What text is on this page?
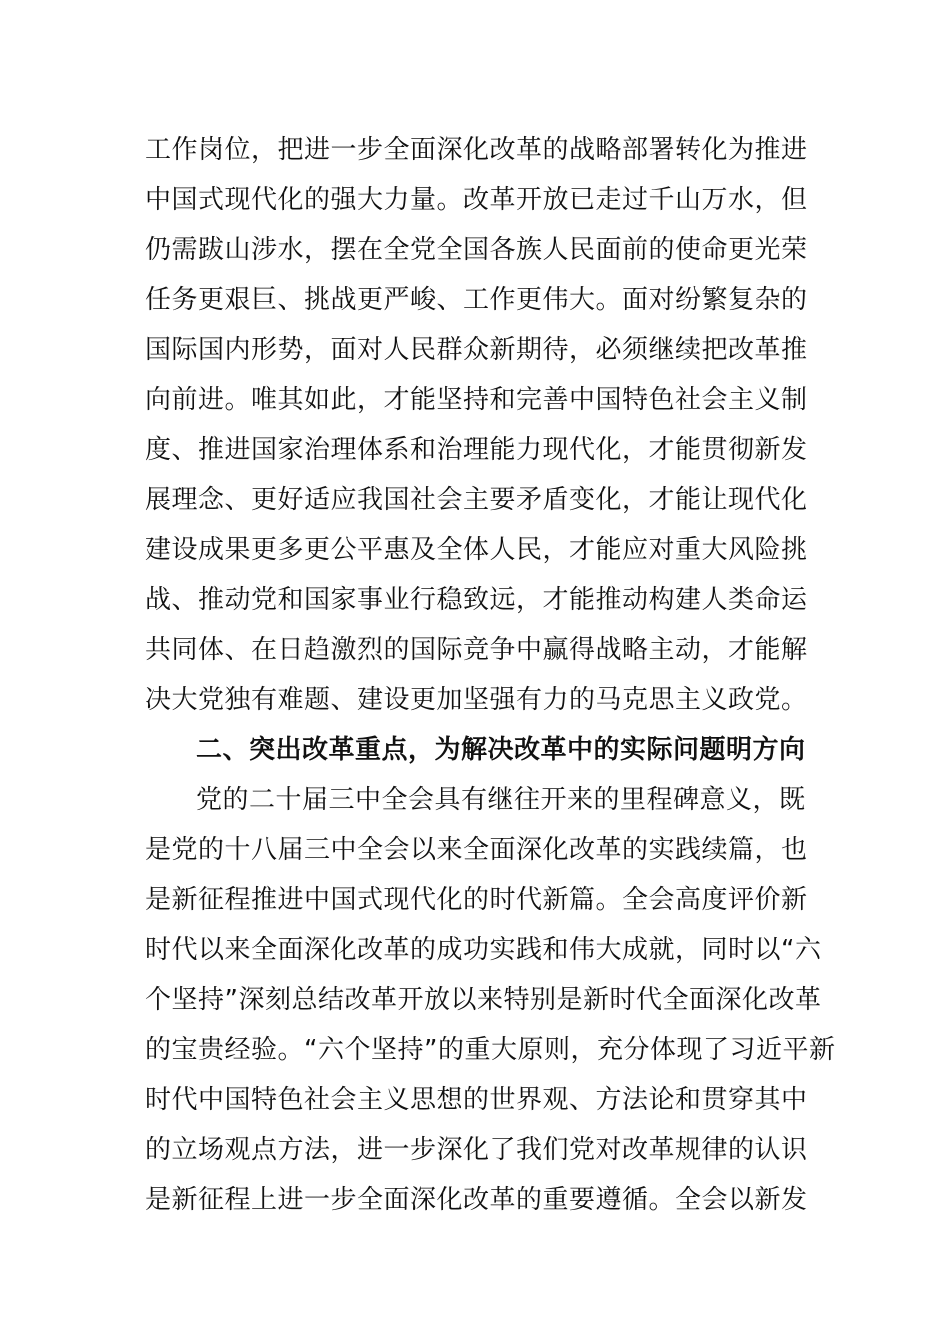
工作岗位，把进一步全面深化改革的战略部署转化为推进
中国式现代化的强大力量。改革开放已走过千山万水，但
仍需跋山涉水，摆在全党全国各族人民面前的使命更光荣
任务更艰巨、挑战更严峻、工作更伟大。面对纷繁复杂的
国际国内形势，面对人民群众新期待，必须继续把改革推
向前进。唯其如此，才能坚持和完善中国特色社会主义制
度、推进国家治理体系和治理能力现代化，才能贯彻新发
展理念、更好适应我国社会主要矛盾变化，才能让现代化
建设成果更多更公平惠及全体人民，才能应对重大风险挑
战、推动党和国家事业行稳致远，才能推动构建人类命运
共同体、在日趋激烈的国际竞争中赢得战略主动，才能解
决大党独有难题、建设更加坚强有力的马克思主义政党。
二、突出改革重点，为解决改革中的实际问题明方向
党的二十届三中全会具有继往开来的里程碑意义，既
是党的十八届三中全会以来全面深化改革的实践续篇，也
是新征程推进中国式现代化的时代新篇。全会高度评价新
时代以来全面深化改革的成功实践和伟大成就，同时以“六
个坚持”深刻总结改革开放以来特别是新时代全面深化改革
的宝贵经验。“六个坚持”的重大原则，充分体现了习近平新
时代中国特色社会主义思想的世界观、方法论和贯穿其中
的立场观点方法，进一步深化了我们党对改革规律的认识
是新征程上进一步全面深化改革的重要遵循。全会以新发
